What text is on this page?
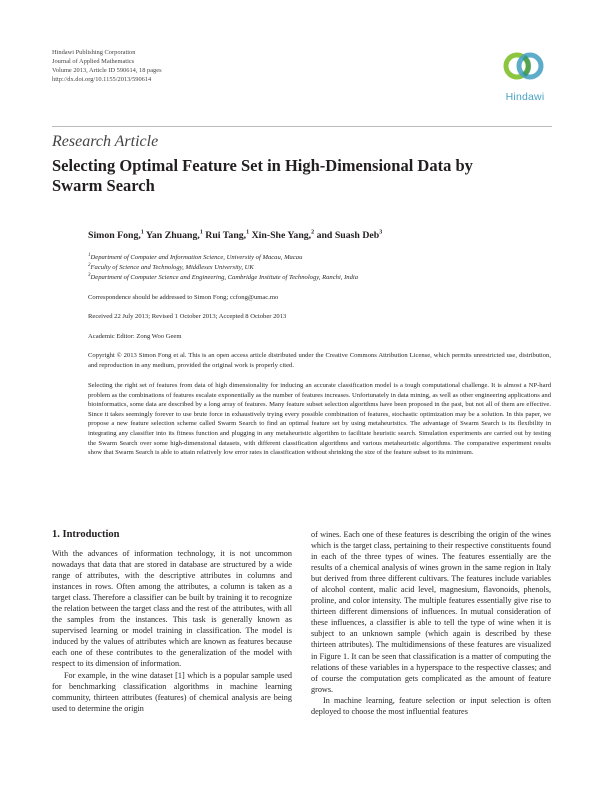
Hindawi Publishing Corporation
Journal of Applied Mathematics
Volume 2013, Article ID 590614, 18 pages
http://dx.doi.org/10.1155/2013/590614
Hindawi
Research Article
Selecting Optimal Feature Set in High-Dimensional Data by Swarm Search
Simon Fong,$^1$ Yan Zhuang,$^1$ Rui Tang,$^1$ Xin-She Yang,$^2$ and Suash Deb$^3$
$^1$Department of Computer and Information Science, University of Macau, Macau
$^2$Faculty of Science and Technology, Middlesex University, UK
$^3$Department of Computer Science and Engineering, Cambridge Institute of Technology, Ranchi, India
Correspondence should be addressed to Simon Fong; ccfong@umac.mo
Received 22 July 2013; Revised 1 October 2013; Accepted 8 October 2013
Academic Editor: Zong Woo Geem
Copyright © 2013 Simon Fong et al. This is an open access article distributed under the Creative Commons Attribution License, which permits unrestricted use, distribution, and reproduction in any medium, provided the original work is properly cited.
Selecting the right set of features from data of high dimensionality for inducing an accurate classification model is a tough computational challenge. It is almost a NP-hard problem as the combinations of features escalate exponentially as the number of features increases. Unfortunately in data mining, as well as other engineering applications and bioinformatics, some data are described by a long array of features. Many feature subset selection algorithms have been proposed in the past, but not all of them are effective. Since it takes seemingly forever to use brute force in exhaustively trying every possible combination of features, stochastic optimization may be a solution. In this paper, we propose a new feature selection scheme called Swarm Search to find an optimal feature set by using metaheuristics. The advantage of Swarm Search is its flexibility in integrating any classifier into its fitness function and plugging in any metaheuristic algorithm to facilitate heuristic search. Simulation experiments are carried out by testing the Swarm Search over some high-dimensional datasets, with different classification algorithms and various metaheuristic algorithms. The comparative experiment results show that Swarm Search is able to attain relatively low error rates in classification without shrinking the size of the feature subset to its minimum.
1. Introduction

With the advances of information technology, it is not uncommon nowadays that data that are stored in database are structured by a wide range of attributes, with the descriptive attributes in columns and instances in rows. Often among the attributes, a column is taken as a target class. Therefore a classifier can be built by training it to recognize the relation between the target class and the rest of the attributes, with all the samples from the instances. This task is generally known as supervised learning or model training in classification. The model is induced by the values of attributes which are known as features because each one of these contributes to the generalization of the model with respect to its dimension of information.

For example, in the wine dataset [1] which is a popular sample used for benchmarking classification algorithms in machine learning community, thirteen attributes (features) of chemical analysis are being used to determine the origin

of wines. Each one of these features is describing the origin of the wines which is the target class, pertaining to their respective constituents found in each of the three types of wines. The features essentially are the results of a chemical analysis of wines grown in the same region in Italy but derived from three different cultivars. The features include variables of alcohol content, malic acid level, magnesium, flavonoids, phenols, proline, and color intensity. The multiple features essentially give rise to thirteen different dimensions of influences. In mutual consideration of these influences, a classifier is able to tell the type of wine when it is subject to an unknown sample (which again is described by these thirteen attributes). The multidimensions of these features are visualized in Figure 1. It can be seen that classification is a matter of computing the relations of these variables in a hyperspace to the respective classes; and of course the computation gets complicated as the amount of feature grows.

In machine learning, feature selection or input selection is often deployed to choose the most influential features
